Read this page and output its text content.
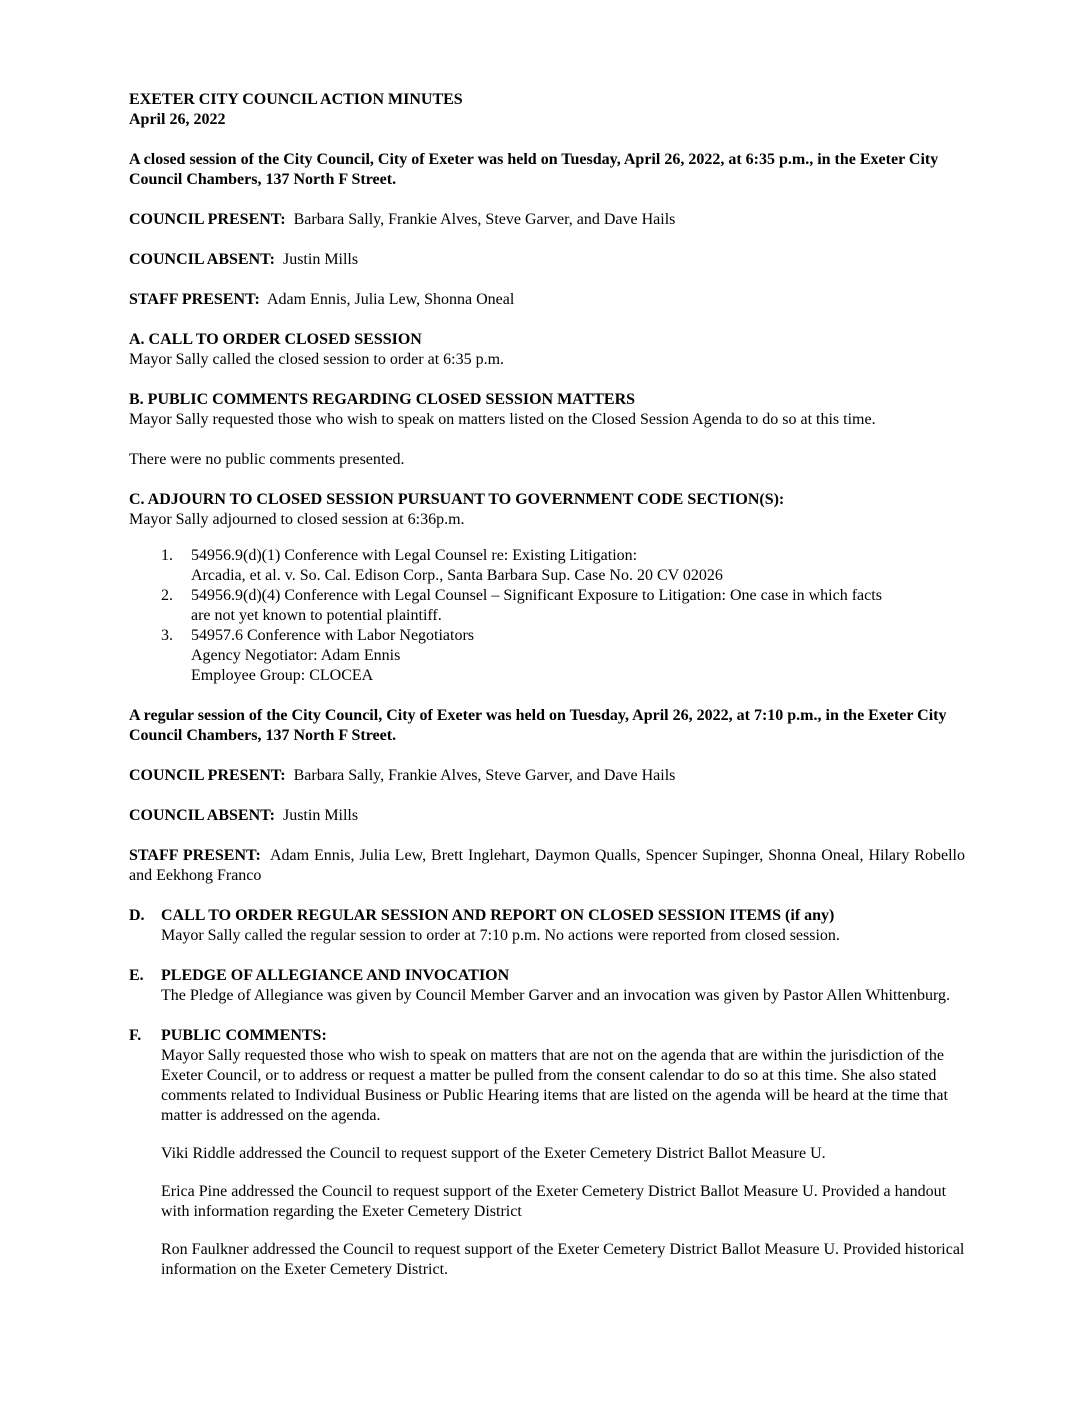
EXETER CITY COUNCIL ACTION MINUTES

April 26, 2022

A closed session of the City Council, City of Exeter was held on Tuesday, April 26, 2022, at 6:35 p.m., in the Exeter City Council Chambers, 137 North F Street.

COUNCIL PRESENT: Barbara Sally, Frankie Alves, Steve Garver, and Dave Hails

COUNCIL ABSENT: Justin Mills

STAFF PRESENT: Adam Ennis, Julia Lew, Shonna Oneal

A. CALL TO ORDER CLOSED SESSION

Mayor Sally called the closed session to order at 6:35 p.m.

B. PUBLIC COMMENTS REGARDING CLOSED SESSION MATTERS

Mayor Sally requested those who wish to speak on matters listed on the Closed Session Agenda to do so at this time.

There were no public comments presented.

C. ADJOURN TO CLOSED SESSION PURSUANT TO GOVERNMENT CODE SECTION(S):

Mayor Sally adjourned to closed session at 6:36p.m.

1.	54956.9(d)(1) Conference with Legal Counsel re: Existing Litigation:
Arcadia, et al. v. So. Cal. Edison Corp., Santa Barbara Sup. Case No. 20 CV 02026
2.	54956.9(d)(4) Conference with Legal Counsel – Significant Exposure to Litigation: One case in which facts
are not yet known to potential plaintiff.
3.	54957.6 Conference with Labor Negotiators
Agency Negotiator: Adam Ennis
Employee Group: CLOCEA

A regular session of the City Council, City of Exeter was held on Tuesday, April 26, 2022, at 7:10 p.m., in the Exeter City Council Chambers, 137 North F Street.

COUNCIL PRESENT: Barbara Sally, Frankie Alves, Steve Garver, and Dave Hails

COUNCIL ABSENT: Justin Mills

STAFF PRESENT: Adam Ennis, Julia Lew, Brett Inglehart, Daymon Qualls, Spencer Supinger, Shonna Oneal, Hilary Robello and Eekhong Franco

D.	CALL TO ORDER REGULAR SESSION AND REPORT ON CLOSED SESSION ITEMS (if any)
Mayor Sally called the regular session to order at 7:10 p.m. No actions were reported from closed session.
E.	PLEDGE OF ALLEGIANCE AND INVOCATION
The Pledge of Allegiance was given by Council Member Garver and an invocation was given by Pastor Allen Whittenburg.
F.	PUBLIC COMMENTS:
Mayor Sally requested those who wish to speak on matters that are not on the agenda that are within the jurisdiction of the Exeter Council, or to address or request a matter be pulled from the consent calendar to do so at this time. She also stated comments related to Individual Business or Public Hearing items that are listed on the agenda will be heard at the time that matter is addressed on the agenda.
Viki Riddle addressed the Council to request support of the Exeter Cemetery District Ballot Measure U.
Erica Pine addressed the Council to request support of the Exeter Cemetery District Ballot Measure U. Provided a handout with information regarding the Exeter Cemetery District
Ron Faulkner addressed the Council to request support of the Exeter Cemetery District Ballot Measure U. Provided historical information on the Exeter Cemetery District.
